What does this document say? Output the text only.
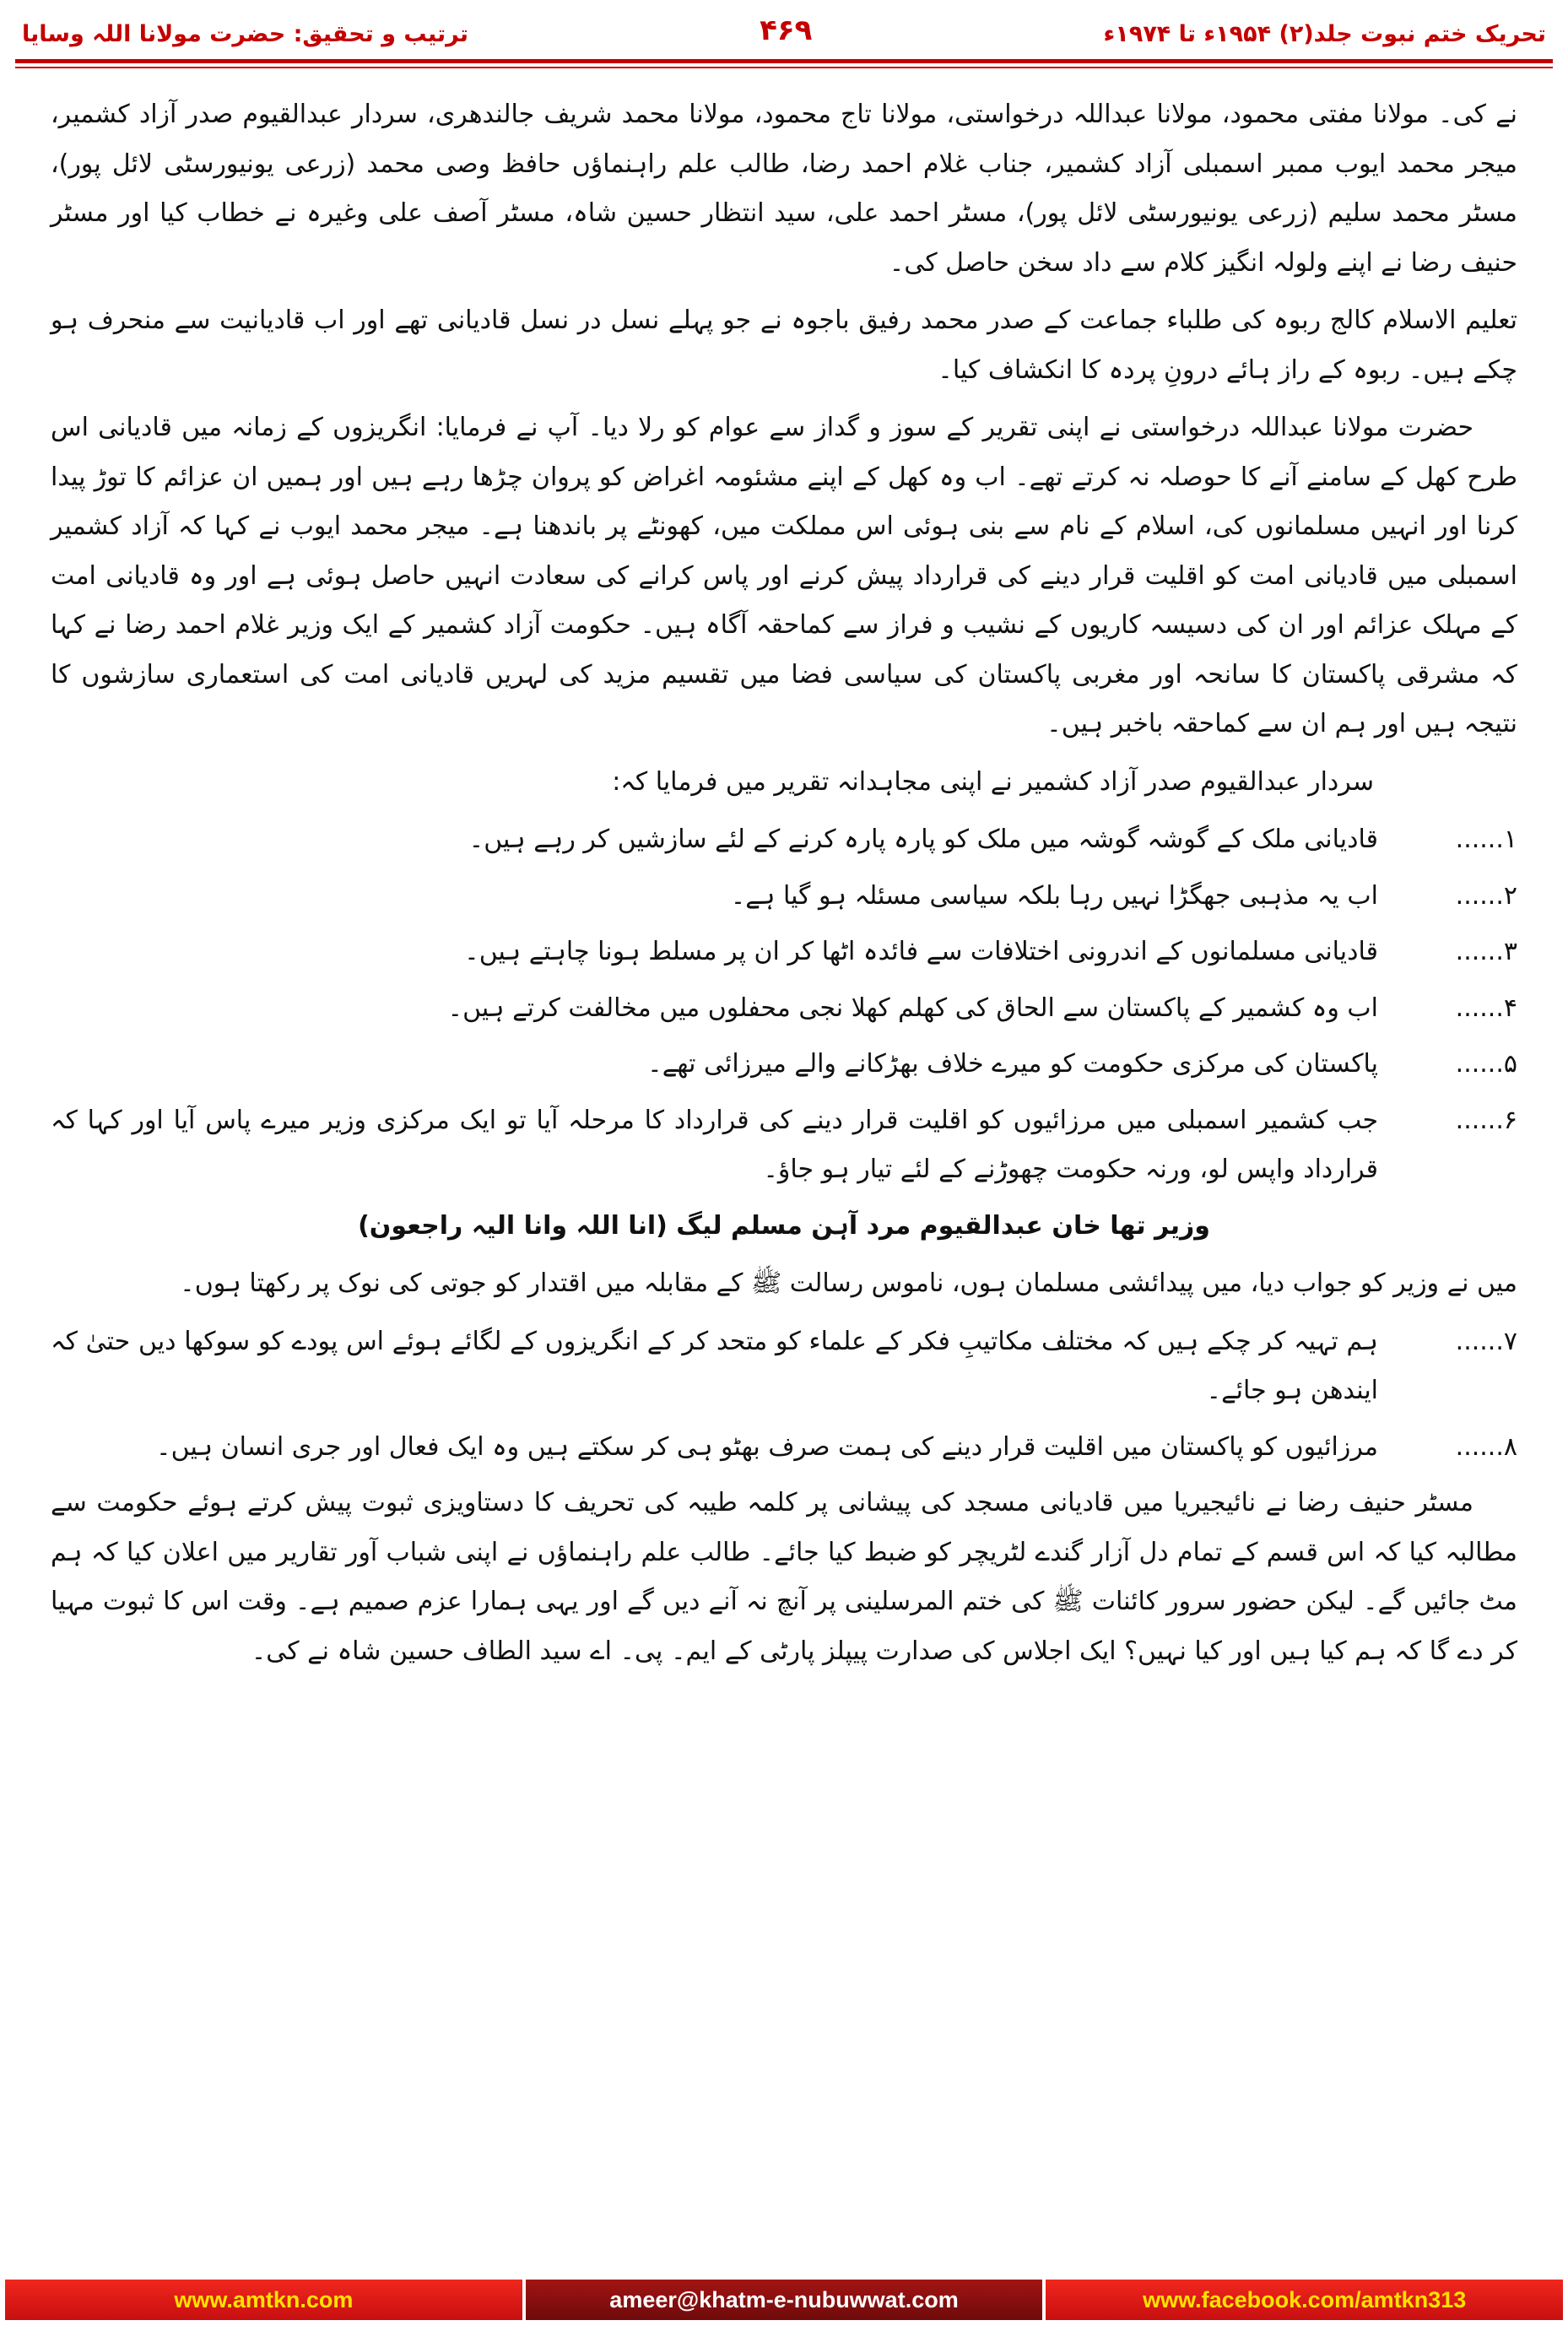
تحریک ختم نبوت جلد(۲) ۱۹۵۴ء تا ۱۹۷۴ء
۴۶۹
ترتیب و تحقیق: حضرت مولانا اللہ وسایا

نے کی۔ مولانا مفتی محمود، مولانا عبداللہ درخواستی، مولانا تاج محمود، مولانا محمد شریف جالندھری، سردار عبدالقیوم صدر آزاد کشمیر، میجر محمد ایوب ممبر اسمبلی آزاد کشمیر، جناب غلام احمد رضا، طالب علم راہنماؤں حافظ وصی محمد (زرعی یونیورسٹی لائل پور)، مسٹر محمد سلیم (زرعی یونیورسٹی لائل پور)، مسٹر احمد علی، سید انتظار حسین شاہ، مسٹر آصف علی وغیرہ نے خطاب کیا اور مسٹر حنیف رضا نے اپنے ولولہ انگیز کلام سے داد سخن حاصل کی۔

تعلیم الاسلام کالج ربوہ کی طلباء جماعت کے صدر محمد رفیق باجوہ نے جو پہلے نسل در نسل قادیانی تھے اور اب قادیانیت سے منحرف ہو چکے ہیں۔ ربوہ کے راز ہائے درونِ پردہ کا انکشاف کیا۔

حضرت مولانا عبداللہ درخواستی نے اپنی تقریر کے سوز و گداز سے عوام کو رلا دیا۔ آپ نے فرمایا: انگریزوں کے زمانہ میں قادیانی اس طرح کھل کے سامنے آنے کا حوصلہ نہ کرتے تھے۔ اب وہ کھل کے اپنے مشئومہ اغراض کو پروان چڑھا رہے ہیں اور ہمیں ان عزائم کا توڑ پیدا کرنا اور انہیں مسلمانوں کی، اسلام کے نام سے بنی ہوئی اس مملکت میں، کھونٹے پر باندھنا ہے۔ میجر محمد ایوب نے کہا کہ آزاد کشمیر اسمبلی میں قادیانی امت کو اقلیت قرار دینے کی قرارداد پیش کرنے اور پاس کرانے کی سعادت انہیں حاصل ہوئی ہے اور وہ قادیانی امت کے مہلک عزائم اور ان کی دسیسہ کاریوں کے نشیب و فراز سے کماحقہ آگاہ ہیں۔ حکومت آزاد کشمیر کے ایک وزیر غلام احمد رضا نے کہا کہ مشرقی پاکستان کا سانحہ اور مغربی پاکستان کی سیاسی فضا میں تقسیم مزید کی لہریں قادیانی امت کی استعماری سازشوں کا نتیجہ ہیں اور ہم ان سے کماحقہ باخبر ہیں۔

سردار عبدالقیوم صدر آزاد کشمیر نے اپنی مجاہدانہ تقریر میں فرمایا کہ:

۱......
قادیانی ملک کے گوشہ گوشہ میں ملک کو پارہ پارہ کرنے کے لئے سازشیں کر رہے ہیں۔
۲......
اب یہ مذہبی جھگڑا نہیں رہا بلکہ سیاسی مسئلہ ہو گیا ہے۔
۳......
قادیانی مسلمانوں کے اندرونی اختلافات سے فائدہ اٹھا کر ان پر مسلط ہونا چاہتے ہیں۔
۴......
اب وہ کشمیر کے پاکستان سے الحاق کی کھلم کھلا نجی محفلوں میں مخالفت کرتے ہیں۔
۵......
پاکستان کی مرکزی حکومت کو میرے خلاف بھڑکانے والے میرزائی تھے۔
۶......
جب کشمیر اسمبلی میں مرزائیوں کو اقلیت قرار دینے کی قرارداد کا مرحلہ آیا تو ایک مرکزی وزیر میرے پاس آیا اور کہا کہ قرارداد واپس لو، ورنہ حکومت چھوڑنے کے لئے تیار ہو جاؤ۔

وزیر تھا خان عبدالقیوم مرد آہن مسلم لیگ (انا اللہ وانا الیہ راجعون)

میں نے وزیر کو جواب دیا، میں پیدائشی مسلمان ہوں، ناموس رسالت ﷺ کے مقابلہ میں اقتدار کو جوتی کی نوک پر رکھتا ہوں۔

۷......
ہم تہیہ کر چکے ہیں کہ مختلف مکاتیبِ فکر کے علماء کو متحد کر کے انگریزوں کے لگائے ہوئے اس پودے کو سوکھا دیں حتیٰ کہ ایندھن ہو جائے۔
۸......
مرزائیوں کو پاکستان میں اقلیت قرار دینے کی ہمت صرف بھٹو ہی کر سکتے ہیں وہ ایک فعال اور جری انسان ہیں۔

مسٹر حنیف رضا نے نائیجیریا میں قادیانی مسجد کی پیشانی پر کلمہ طیبہ کی تحریف کا دستاویزی ثبوت پیش کرتے ہوئے حکومت سے مطالبہ کیا کہ اس قسم کے تمام دل آزار گندے لٹریچر کو ضبط کیا جائے۔ طالب علم راہنماؤں نے اپنی شباب آور تقاریر میں اعلان کیا کہ ہم مٹ جائیں گے۔ لیکن حضور سرور کائنات ﷺ کی ختم المرسلینی پر آنچ نہ آنے دیں گے اور یہی ہمارا عزم صمیم ہے۔ وقت اس کا ثبوت مہیا کر دے گا کہ ہم کیا ہیں اور کیا نہیں؟ ایک اجلاس کی صدارت پیپلز پارٹی کے ایم۔ پی۔ اے سید الطاف حسین شاہ نے کی۔

www.amtkn.com	ameer@khatm-e-nubuwwat.com	www.facebook.com/amtkn313
